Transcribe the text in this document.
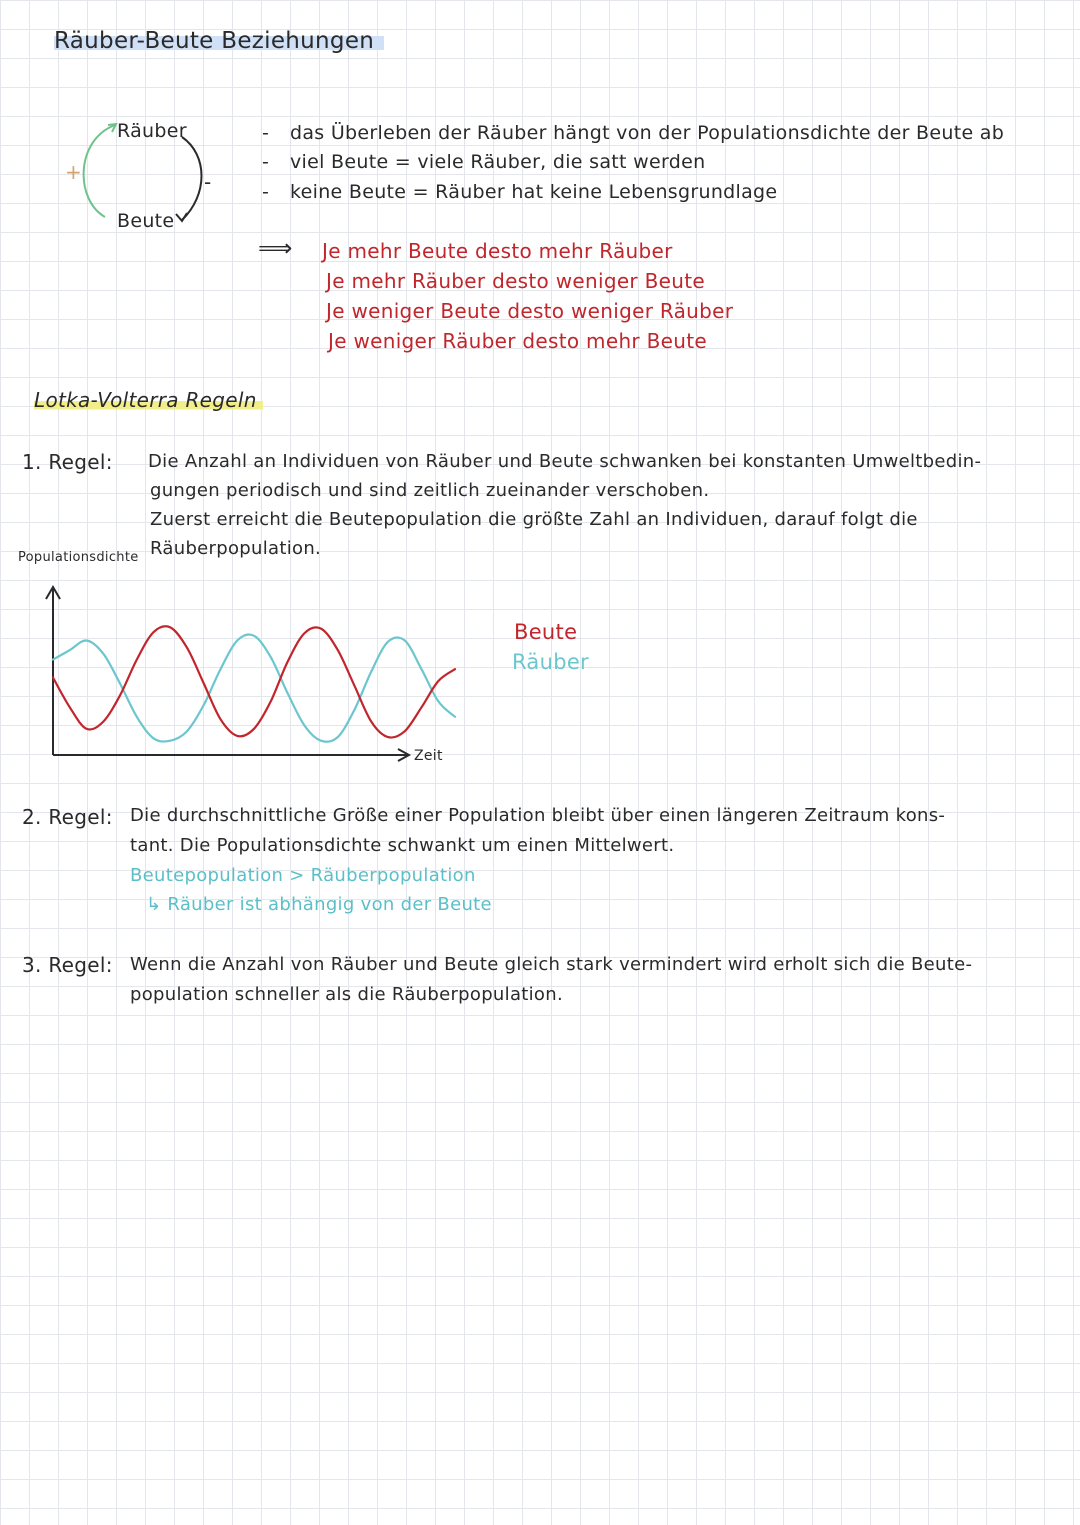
Räuber-Beute Beziehungen
Räuber
Beute
+	-
- das Überleben der Räuber hängt von der Populationsdichte der Beute ab
- viel Beute = viele Räuber, die satt werden
- keine Beute = Räuber hat keine Lebensgrundlage
⟹ Je mehr Beute desto mehr Räuber
Je mehr Räuber desto weniger Beute
Je weniger Beute desto weniger Räuber
Je weniger Räuber desto mehr Beute
Lotka-Volterra Regeln
1. Regel: Die Anzahl an Individuen von Räuber und Beute schwanken bei konstanten Umweltbedin-
gungen periodisch und sind zeitlich zueinander verschoben.
Zuerst erreicht die Beutepopulation die größte Zahl an Individuen, darauf folgt die
Räuberpopulation.
Populationsdichte
Zeit
Beute
Räuber
2. Regel: Die durchschnittliche Größe einer Population bleibt über einen längeren Zeitraum kons-
tant. Die Populationsdichte schwankt um einen Mittelwert.
Beutepopulation > Räuberpopulation
↳ Räuber ist abhängig von der Beute
3. Regel: Wenn die Anzahl von Räuber und Beute gleich stark vermindert wird erholt sich die Beute-
population schneller als die Räuberpopulation.
